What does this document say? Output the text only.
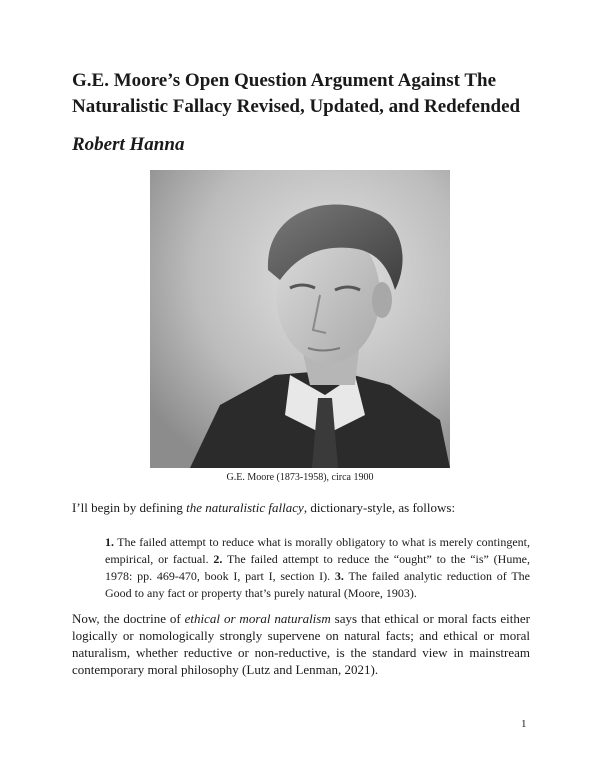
G.E. Moore’s Open Question Argument Against The
Naturalistic Fallacy Revised, Updated, and Redefended

Robert Hanna

G.E. Moore (1873-1958), circa 1900

I’ll begin by defining the naturalistic fallacy, dictionary-style, as follows:

1. The failed attempt to reduce what is morally obligatory to what is merely contingent, empirical, or factual. 2. The failed attempt to reduce the “ought” to the “is” (Hume, 1978: pp. 469-470, book I, part I, section I). 3. The failed analytic reduction of The Good to any fact or property that’s purely natural (Moore, 1903).

Now, the doctrine of ethical or moral naturalism says that ethical or moral facts either logically or nomologically strongly supervene on natural facts; and ethical or moral naturalism, whether reductive or non-reductive, is the standard view in mainstream contemporary moral philosophy (Lutz and Lenman, 2021).

1
